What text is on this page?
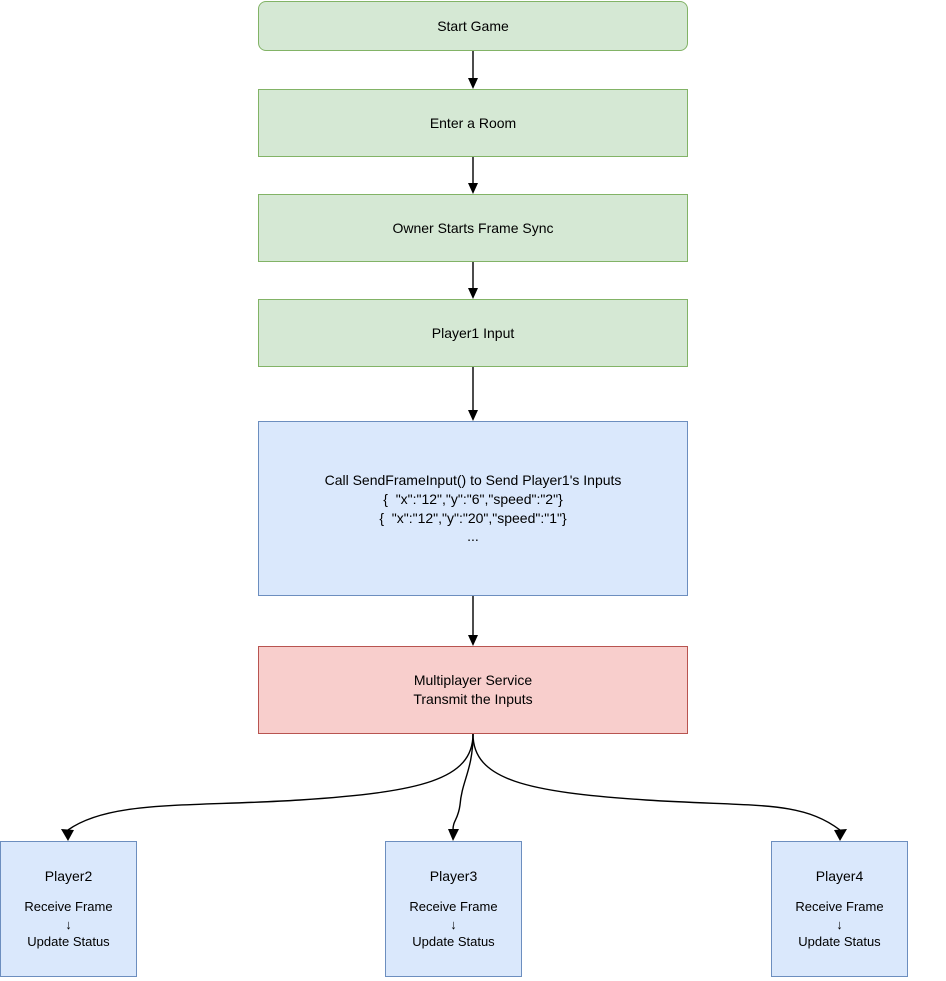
Start Game
Enter a Room
Owner Starts Frame Sync
Player1 Input
Call SendFrameInput() to Send Player1's Inputs
{  "x":"12","y":"6","speed":"2"}
{  "x":"12","y":"20","speed":"1"}
...
Multiplayer Service
Transmit the Inputs
Player2
Receive Frame
↓
Update Status
Player3
Receive Frame
↓
Update Status
Player4
Receive Frame
↓
Update Status
